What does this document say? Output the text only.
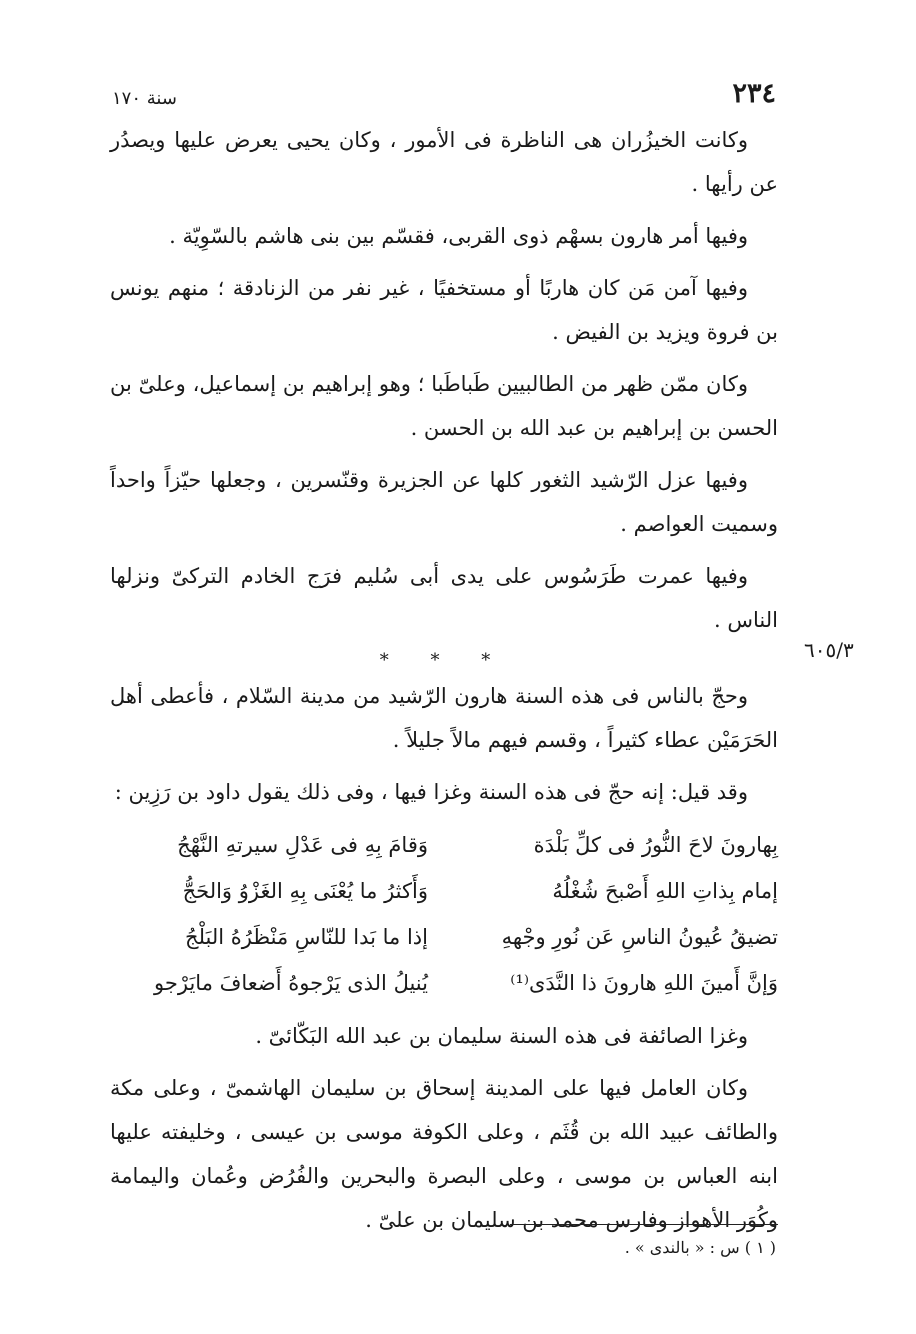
٢٣٤
سنة ١٧٠
٦٠٥/٣

وكانت الخيزُران هى الناظرة فى الأمور ، وكان يحيى يعرض عليها ويصدُر عن رأيها .

وفيها أمر هارون بسهْم ذوى القربى، فقسّم بين بنى هاشم بالسّوِيّة .

وفيها آمن مَن كان هاربًا أو مستخفيًا ، غير نفر من الزنادقة ؛ منهم يونس بن فروة ويزيد بن الفيض .

وكان ممّن ظهر من الطالبيين طَباطَبا ؛ وهو إبراهيم بن إسماعيل، وعلىّ بن الحسن بن إبراهيم بن عبد الله بن الحسن .

وفيها عزل الرّشيد الثغور كلها عن الجزيرة وقنّسرين ، وجعلها حيّزاً واحداً وسميت العواصم .

وفيها عمرت طَرَسُوس على يدى أبى سُليم فرَج الخادم التركىّ ونزلها الناس .

* * *

وحجّ بالناس فى هذه السنة هارون الرّشيد من مدينة السّلام ، فأعطى أهل الحَرَمَيْن عطاء كثيراً ، وقسم فيهم مالاً جليلاً .

وقد قيل: إنه حجّ فى هذه السنة وغزا فيها ، وفى ذلك يقول داود بن رَزِين :

بِهارونَ لاحَ النُّورُ فى كلِّ بَلْدَة
وَقامَ بِهِ فى عَدْلِ سيرتهِ النَّهْجُ
إمام بِذاتِ اللهِ أَصْبحَ شُغْلُهُ
وَأَكثرُ ما يُعْنَى بِهِ الغَزْوُ وَالحَجُّ
تضيقُ عُيونُ الناسِ عَن نُورِ وجْههِ
إذا ما بَدا للنّاسِ مَنْظَرُهُ البَلْجُ
وَإنَّ أَمينَ اللهِ هارونَ ذا النَّدَى⁽¹⁾
يُنيلُ الذى يَرْجوهُ أَضعافَ مايَرْجو

وغزا الصائفة فى هذه السنة سليمان بن عبد الله البَكّائىّ .

وكان العامل فيها على المدينة إسحاق بن سليمان الهاشمىّ ، وعلى مكة والطائف عبيد الله بن قُثَم ، وعلى الكوفة موسى بن عيسى ، وخليفته عليها ابنه العباس بن موسى ، وعلى البصرة والبحرين والفُرُض وعُمان واليمامة وكُوَر الأهواز وفارس محمد بن سليمان بن علىّ .

( ١ ) س : « بالندى » .
